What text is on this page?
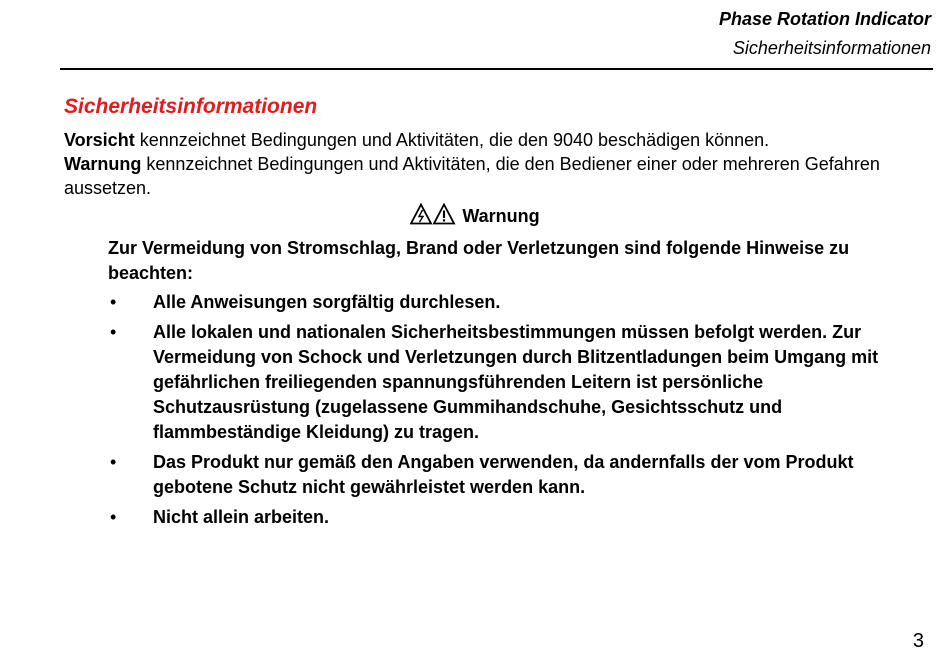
Phase Rotation Indicator
Sicherheitsinformationen
Sicherheitsinformationen
Vorsicht kennzeichnet Bedingungen und Aktivitäten, die den 9040 beschädigen können.
Warnung kennzeichnet Bedingungen und Aktivitäten, die den Bediener einer oder mehreren Gefahren aussetzen.
Warnung
Zur Vermeidung von Stromschlag, Brand oder Verletzungen sind folgende Hinweise zu beachten:
• Alle Anweisungen sorgfältig durchlesen.
• Alle lokalen und nationalen Sicherheitsbestimmungen müssen befolgt werden. Zur Vermeidung von Schock und Verletzungen durch Blitzentladungen beim Umgang mit gefährlichen freiliegenden spannungsführenden Leitern ist persönliche Schutzausrüstung (zugelassene Gummihandschuhe, Gesichtsschutz und flammbeständige Kleidung) zu tragen.
• Das Produkt nur gemäß den Angaben verwenden, da andernfalls der vom Produkt gebotene Schutz nicht gewährleistet werden kann.
• Nicht allein arbeiten.
3
